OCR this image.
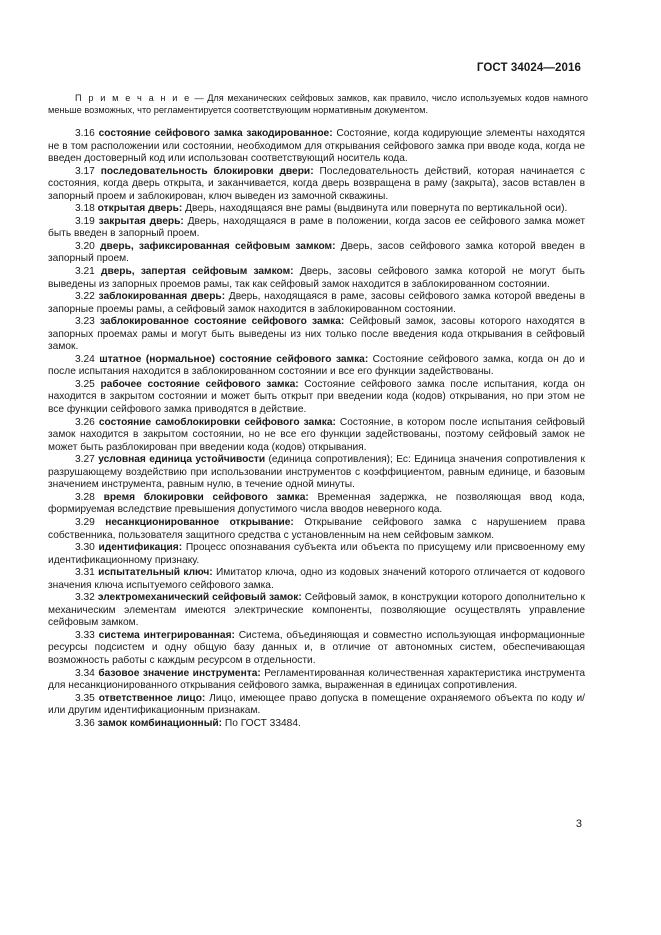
ГОСТ 34024—2016

П р и м е ч а н и е — Для механических сейфовых замков, как правило, число используемых кодов намного меньше возможных, что регламентируется соответствующим нормативным документом.

3.16 состояние сейфового замка закодированное: Состояние, когда кодирующие элементы находятся не в том расположении или состоянии, необходимом для открывания сейфового замка при вводе кода, когда не введен достоверный код или использован соответствующий носитель кода.

3.17 последовательность блокировки двери: Последовательность действий, которая начинается с состояния, когда дверь открыта, и заканчивается, когда дверь возвращена в раму (закрыта), засов вставлен в запорный проем и заблокирован, ключ выведен из замочной скважины.

3.18 открытая дверь: Дверь, находящаяся вне рамы (выдвинута или повернута по вертикальной оси).

3.19 закрытая дверь: Дверь, находящаяся в раме в положении, когда засов ее сейфового замка может быть введен в запорный проем.

3.20 дверь, зафиксированная сейфовым замком: Дверь, засов сейфового замка которой введен в запорный проем.

3.21 дверь, запертая сейфовым замком: Дверь, засовы сейфового замка которой не могут быть выведены из запорных проемов рамы, так как сейфовый замок находится в заблокированном состоянии.

3.22 заблокированная дверь: Дверь, находящаяся в раме, засовы сейфового замка которой введены в запорные проемы рамы, а сейфовый замок находится в заблокированном состоянии.

3.23 заблокированное состояние сейфового замка: Сейфовый замок, засовы которого находятся в запорных проемах рамы и могут быть выведены из них только после введения кода открывания в сейфовый замок.

3.24 штатное (нормальное) состояние сейфового замка: Состояние сейфового замка, когда он до и после испытания находится в заблокированном состоянии и все его функции задействованы.

3.25 рабочее состояние сейфового замка: Состояние сейфового замка после испытания, когда он находится в закрытом состоянии и может быть открыт при введении кода (кодов) открывания, но при этом не все функции сейфового замка приводятся в действие.

3.26 состояние самоблокировки сейфового замка: Состояние, в котором после испытания сейфовый замок находится в закрытом состоянии, но не все его функции задействованы, поэтому сейфовый замок не может быть разблокирован при введении кода (кодов) открывания.

3.27 условная единица устойчивости (единица сопротивления); Ес: Единица значения сопротивления к разрушающему воздействию при использовании инструментов с коэффициентом, равным единице, и базовым значением инструмента, равным нулю, в течение одной минуты.

3.28 время блокировки сейфового замка: Временная задержка, не позволяющая ввод кода, формируемая вследствие превышения допустимого числа вводов неверного кода.

3.29 несанкционированное открывание: Открывание сейфового замка с нарушением права собственника, пользователя защитного средства с установленным на нем сейфовым замком.

3.30 идентификация: Процесс опознавания субъекта или объекта по присущему или присвоенному ему идентификационному признаку.

3.31 испытательный ключ: Имитатор ключа, одно из кодовых значений которого отличается от кодового значения ключа испытуемого сейфового замка.

3.32 электромеханический сейфовый замок: Сейфовый замок, в конструкции которого дополнительно к механическим элементам имеются электрические компоненты, позволяющие осуществлять управление сейфовым замком.

3.33 система интегрированная: Система, объединяющая и совместно использующая информационные ресурсы подсистем и одну общую базу данных и, в отличие от автономных систем, обеспечивающая возможность работы с каждым ресурсом в отдельности.

3.34 базовое значение инструмента: Регламентированная количественная характеристика инструмента для несанкционированного открывания сейфового замка, выраженная в единицах сопротивления.

3.35 ответственное лицо: Лицо, имеющее право допуска в помещение охраняемого объекта по коду и/или другим идентификационным признакам.

3.36 замок комбинационный: По ГОСТ 33484.

3
